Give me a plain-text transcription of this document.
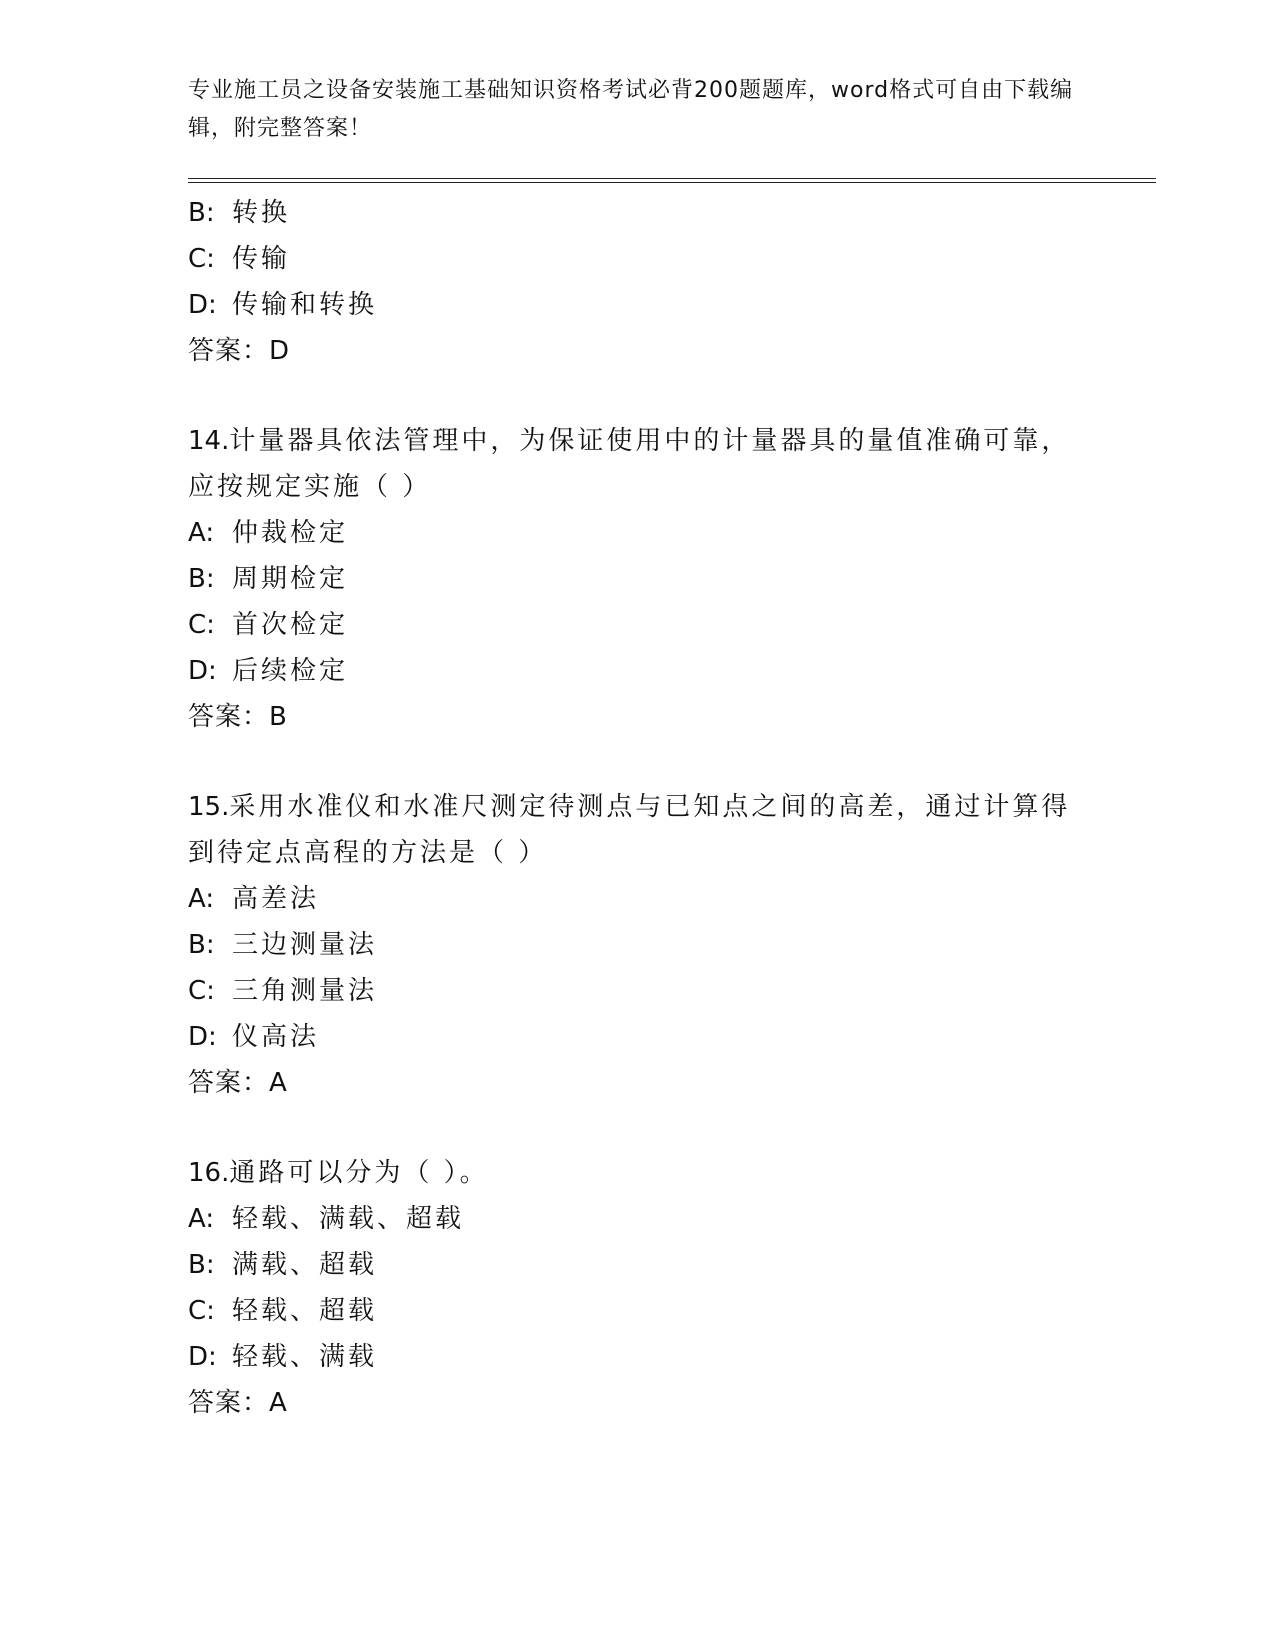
专业施工员之设备安装施工基础知识资格考试必背200题题库，word格式可自由下载编辑，附完整答案！
B: 转换
C: 传输
D: 传输和转换
答案：D
14.计量器具依法管理中，为保证使用中的计量器具的量值准确可靠，
应按规定实施（ ）
A: 仲裁检定
B: 周期检定
C: 首次检定
D: 后续检定
答案：B
15.采用水准仪和水准尺测定待测点与已知点之间的高差，通过计算得
到待定点高程的方法是（ ）
A: 高差法
B: 三边测量法
C: 三角测量法
D: 仪高法
答案：A
16.通路可以分为（ ）。
A: 轻载、满载、超载
B: 满载、超载
C: 轻载、超载
D: 轻载、满载
答案：A
